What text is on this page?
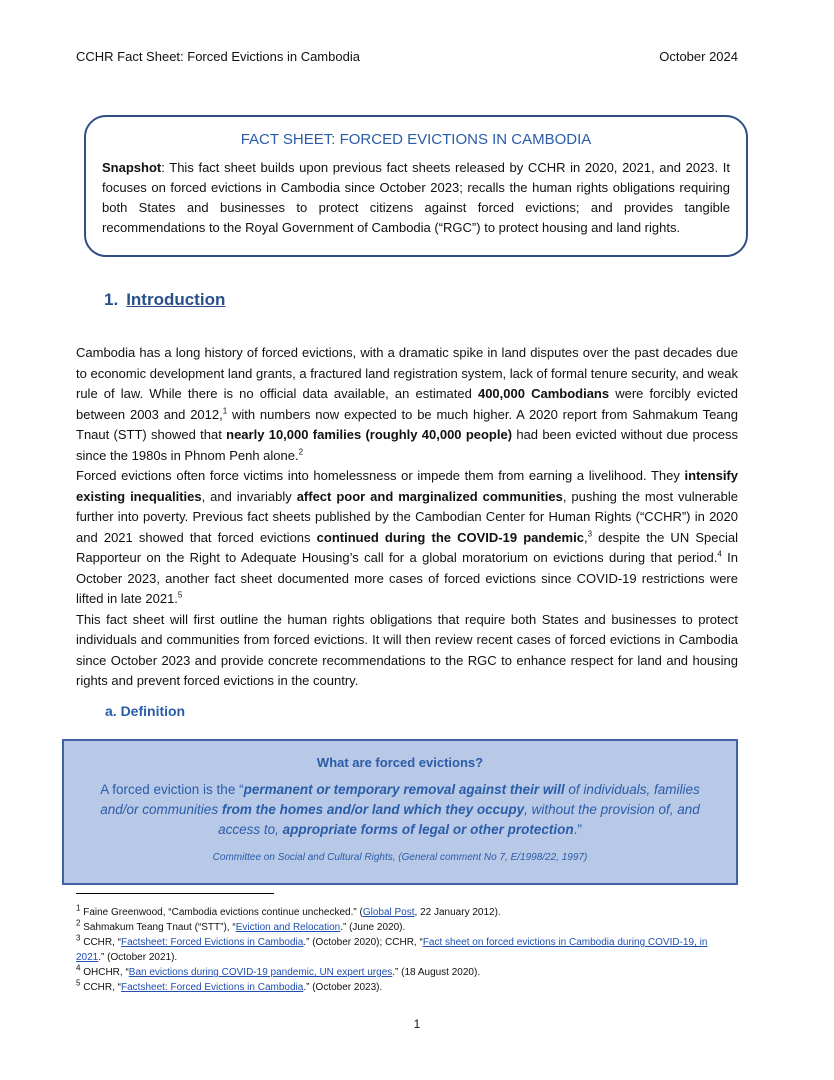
CCHR Fact Sheet: Forced Evictions in Cambodia	October 2024

FACT SHEET: FORCED EVICTIONS IN CAMBODIA

Snapshot: This fact sheet builds upon previous fact sheets released by CCHR in 2020, 2021, and 2023. It focuses on forced evictions in Cambodia since October 2023; recalls the human rights obligations requiring both States and businesses to protect citizens against forced evictions; and provides tangible recommendations to the Royal Government of Cambodia (“RGC”) to protect housing and land rights.

1. Introduction

Cambodia has a long history of forced evictions, with a dramatic spike in land disputes over the past decades due to economic development land grants, a fractured land registration system, lack of formal tenure security, and weak rule of law. While there is no official data available, an estimated 400,000 Cambodians were forcibly evicted between 2003 and 2012,$^1$ with numbers now expected to be much higher. A 2020 report from Sahmakum Teang Tnaut (STT) showed that nearly 10,000 families (roughly 40,000 people) had been evicted without due process since the 1980s in Phnom Penh alone.$^2$

Forced evictions often force victims into homelessness or impede them from earning a livelihood. They intensify existing inequalities, and invariably affect poor and marginalized communities, pushing the most vulnerable further into poverty. Previous fact sheets published by the Cambodian Center for Human Rights (“CCHR”) in 2020 and 2021 showed that forced evictions continued during the COVID-19 pandemic,$^3$ despite the UN Special Rapporteur on the Right to Adequate Housing’s call for a global moratorium on evictions during that period.$^4$ In October 2023, another fact sheet documented more cases of forced evictions since COVID-19 restrictions were lifted in late 2021.$^5$

This fact sheet will first outline the human rights obligations that require both States and businesses to protect individuals and communities from forced evictions. It will then review recent cases of forced evictions in Cambodia since October 2023 and provide concrete recommendations to the RGC to enhance respect for land and housing rights and prevent forced evictions in the country.

a. Definition

What are forced evictions?

A forced eviction is the “permanent or temporary removal against their will of individuals, families and/or communities from the homes and/or land which they occupy, without the provision of, and access to, appropriate forms of legal or other protection.”

Committee on Social and Cultural Rights, (General comment No 7, E/1998/22, 1997)
$^1$ Faine Greenwood, “Cambodia evictions continue unchecked.” (Global Post, 22 January 2012).
$^2$ Sahmakum Teang Tnaut (“STT”), “Eviction and Relocation.” (June 2020).
$^3$ CCHR, “Factsheet: Forced Evictions in Cambodia.” (October 2020); CCHR, “Fact sheet on forced evictions in Cambodia during COVID-19, in 2021.” (October 2021).
$^4$ OHCHR, “Ban evictions during COVID-19 pandemic, UN expert urges.” (18 August 2020).
$^5$ CCHR, “Factsheet: Forced Evictions in Cambodia.” (October 2023).
1
